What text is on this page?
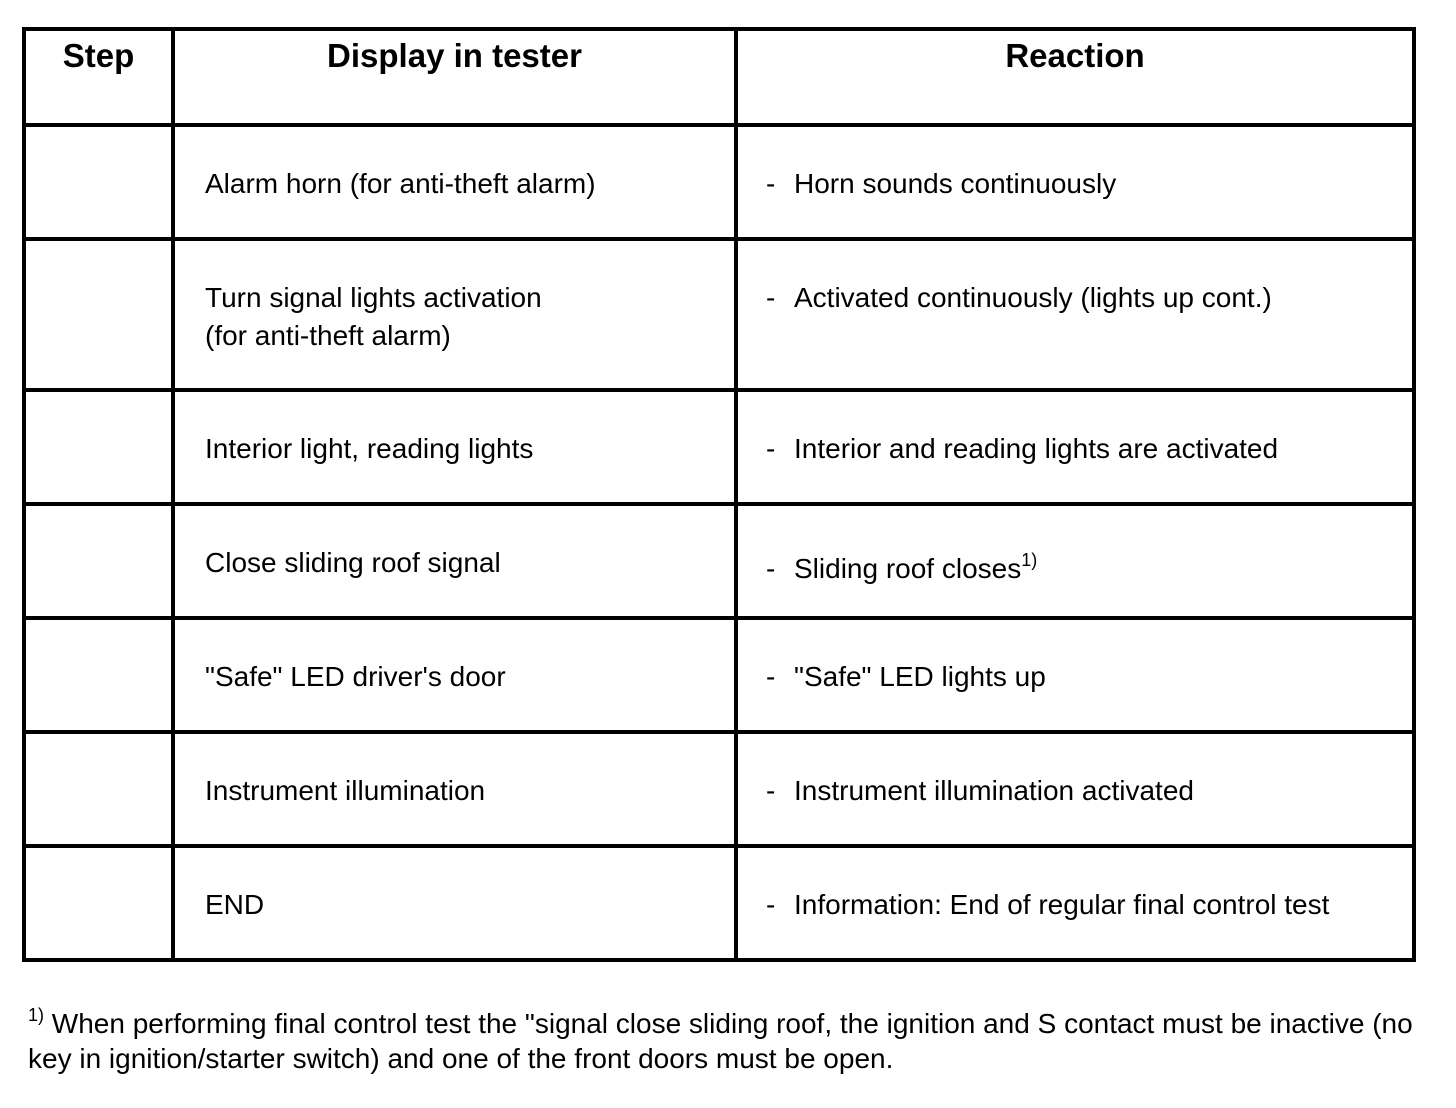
Step	Display in tester	Reaction

	Alarm horn (for anti-theft alarm)	- Horn sounds continuously

	Turn signal lights activation
(for anti-theft alarm)	- Activated continuously (lights up cont.)

	Interior light, reading lights	- Interior and reading lights are activated

	Close sliding roof signal	- Sliding roof closes$^{1)}$

	"Safe" LED driver's door	- "Safe" LED lights up

	Instrument illumination	- Instrument illumination activated

	END	- Information: End of regular final control test
$^{1)}$ When performing final control test the "signal close sliding roof, the ignition and S contact must be inactive (no key in ignition/starter switch) and one of the front doors must be open.
